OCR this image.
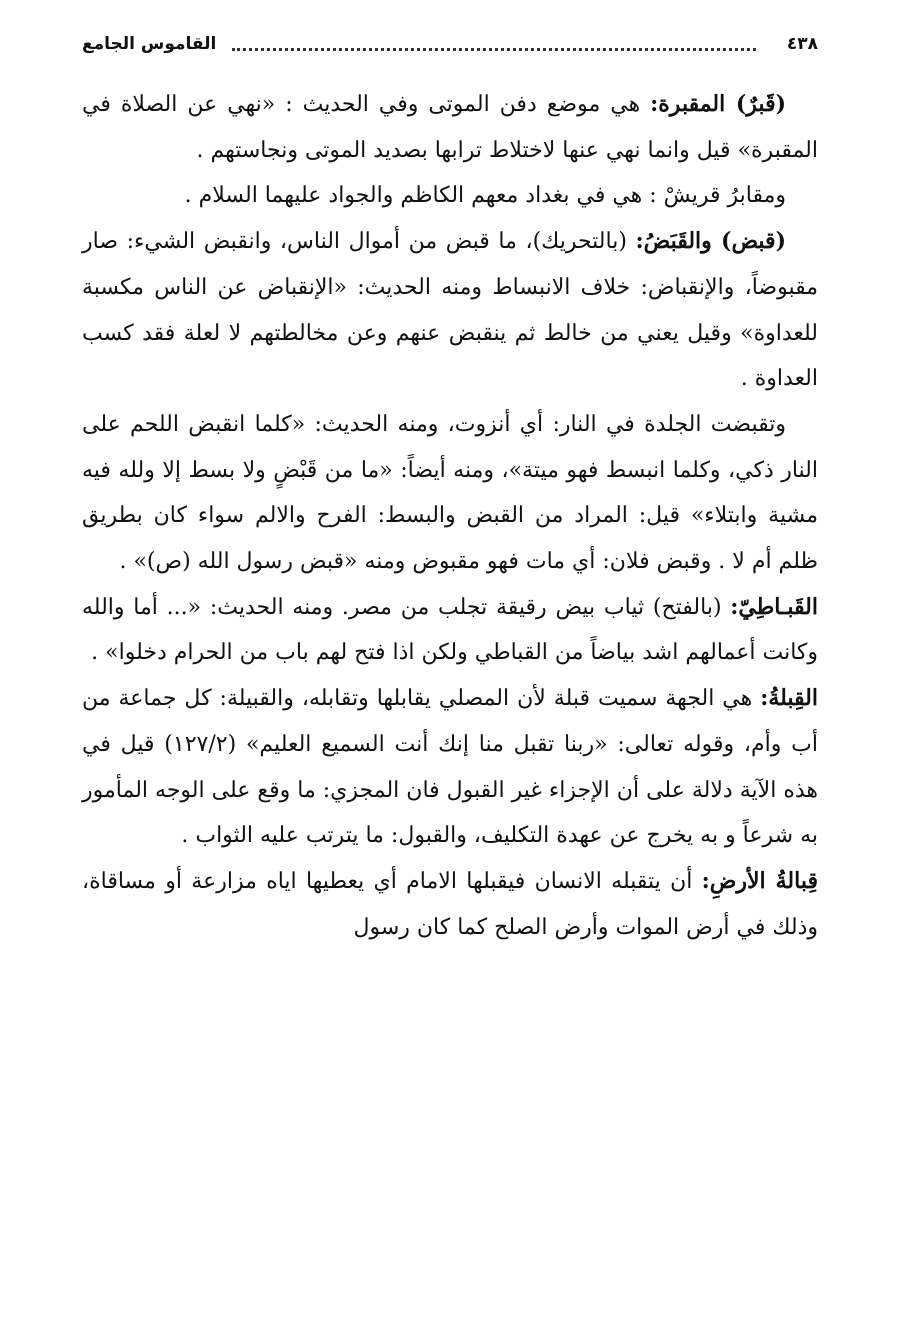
٤٣٨
القاموس الجامع

(قَبرٌ) المقبرة: هي موضع دفن الموتى وفي الحديث : «نهي عن الصلاة في المقبرة» قيل وانما نهي عنها لاختلاط ترابها بصديد الموتى ونجاستهم .

ومقابرُ قريشْ : هي في بغداد معهم الكاظم والجواد عليهما السلام .

(قبض) والقَبَضُ: (بالتحريك)، ما قبض من أموال الناس، وانقبض الشيء: صار مقبوضاً، والإنقباض: خلاف الانبساط ومنه الحديث: «الإنقباض عن الناس مكسبة للعداوة» وقيل يعني من خالط ثم ينقبض عنهم وعن مخالطتهم لا لعلة فقد كسب العداوة .

وتقبضت الجلدة في النار: أي أنزوت، ومنه الحديث: «كلما انقبض اللحم على النار ذكي، وكلما انبسط فهو ميتة»، ومنه أيضاً: «ما من قَبْضٍ ولا بسط إلا ولله فيه مشية وابتلاء» قيل: المراد من القبض والبسط: الفرح والالم سواء كان بطريق ظلم أم لا . وقبض فلان: أي مات فهو مقبوض ومنه «قبض رسول الله (ص)» .

القَبـاطِيّ: (بالفتح) ثياب بيض رقيقة تجلب من مصر. ومنه الحديث: «... أما والله وكانت أعمالهم اشد بياضاً من القباطي ولكن اذا فتح لهم باب من الحرام دخلوا» .

القِبلةُ: هي الجهة سميت قبلة لأن المصلي يقابلها وتقابله، والقبيلة: كل جماعة من أب وأم، وقوله تعالى: «ربنا تقبل منا إنك أنت السميع العليم» (١٢٧/٢) قيل في هذه الآية دلالة على أن الإجزاء غير القبول فان المجزي: ما وقع على الوجه المأمور به شرعاً و به يخرج عن عهدة التكليف، والقبول: ما يترتب عليه الثواب .

قِبالةُ الأرضِ: أن يتقبله الانسان فيقبلها الامام أي يعطيها اياه مزارعة أو مساقاة، وذلك في أرض الموات وأرض الصلح كما كان رسول
